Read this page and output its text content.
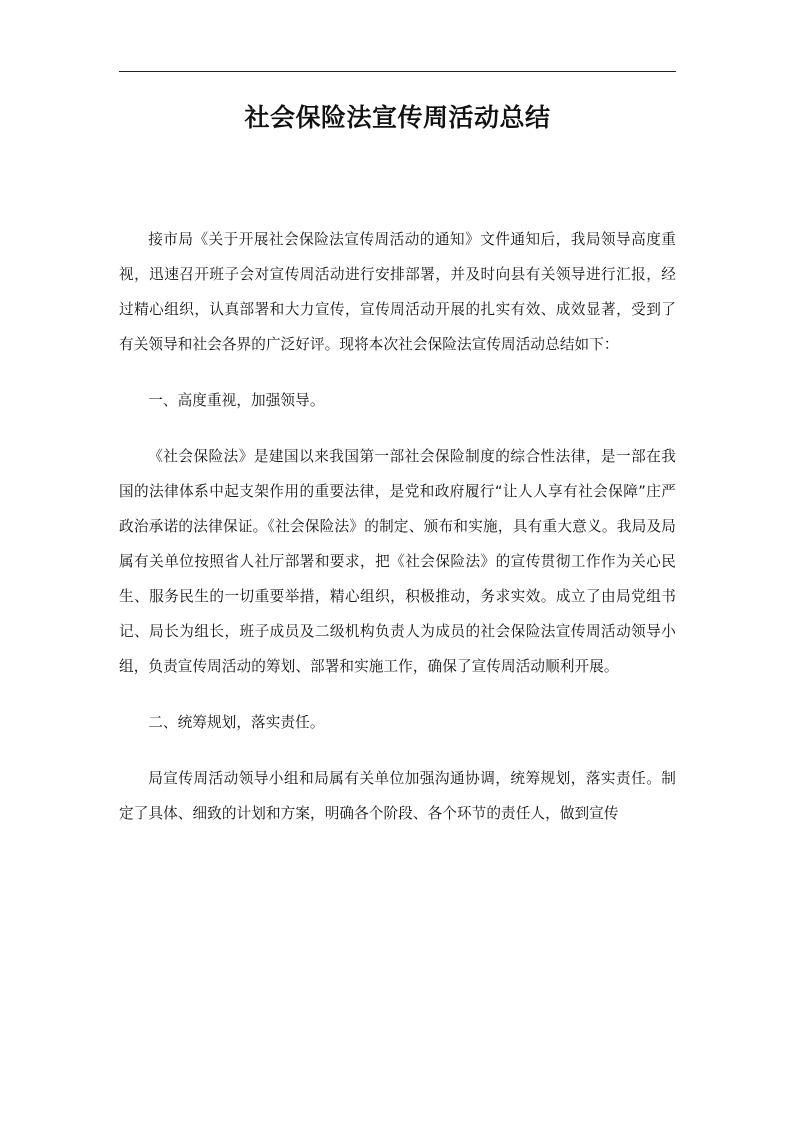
社会保险法宣传周活动总结

接市局《关于开展社会保险法宣传周活动的通知》文件通知后，我局领导高度重视，迅速召开班子会对宣传周活动进行安排部署，并及时向县有关领导进行汇报，经过精心组织，认真部署和大力宣传，宣传周活动开展的扎实有效、成效显著，受到了有关领导和社会各界的广泛好评。现将本次社会保险法宣传周活动总结如下：

一、高度重视，加强领导。

《社会保险法》是建国以来我国第一部社会保险制度的综合性法律，是一部在我国的法律体系中起支架作用的重要法律，是党和政府履行“让人人享有社会保障”庄严政治承诺的法律保证。《社会保险法》的制定、颁布和实施，具有重大意义。我局及局属有关单位按照省人社厅部署和要求，把《社会保险法》的宣传贯彻工作作为关心民生、服务民生的一切重要举措，精心组织，积极推动，务求实效。成立了由局党组书记、局长为组长，班子成员及二级机构负责人为成员的社会保险法宣传周活动领导小组，负责宣传周活动的筹划、部署和实施工作，确保了宣传周活动顺利开展。

二、统筹规划，落实责任。

局宣传周活动领导小组和局属有关单位加强沟通协调，统筹规划，落实责任。制定了具体、细致的计划和方案，明确各个阶段、各个环节的责任人，做到宣传
